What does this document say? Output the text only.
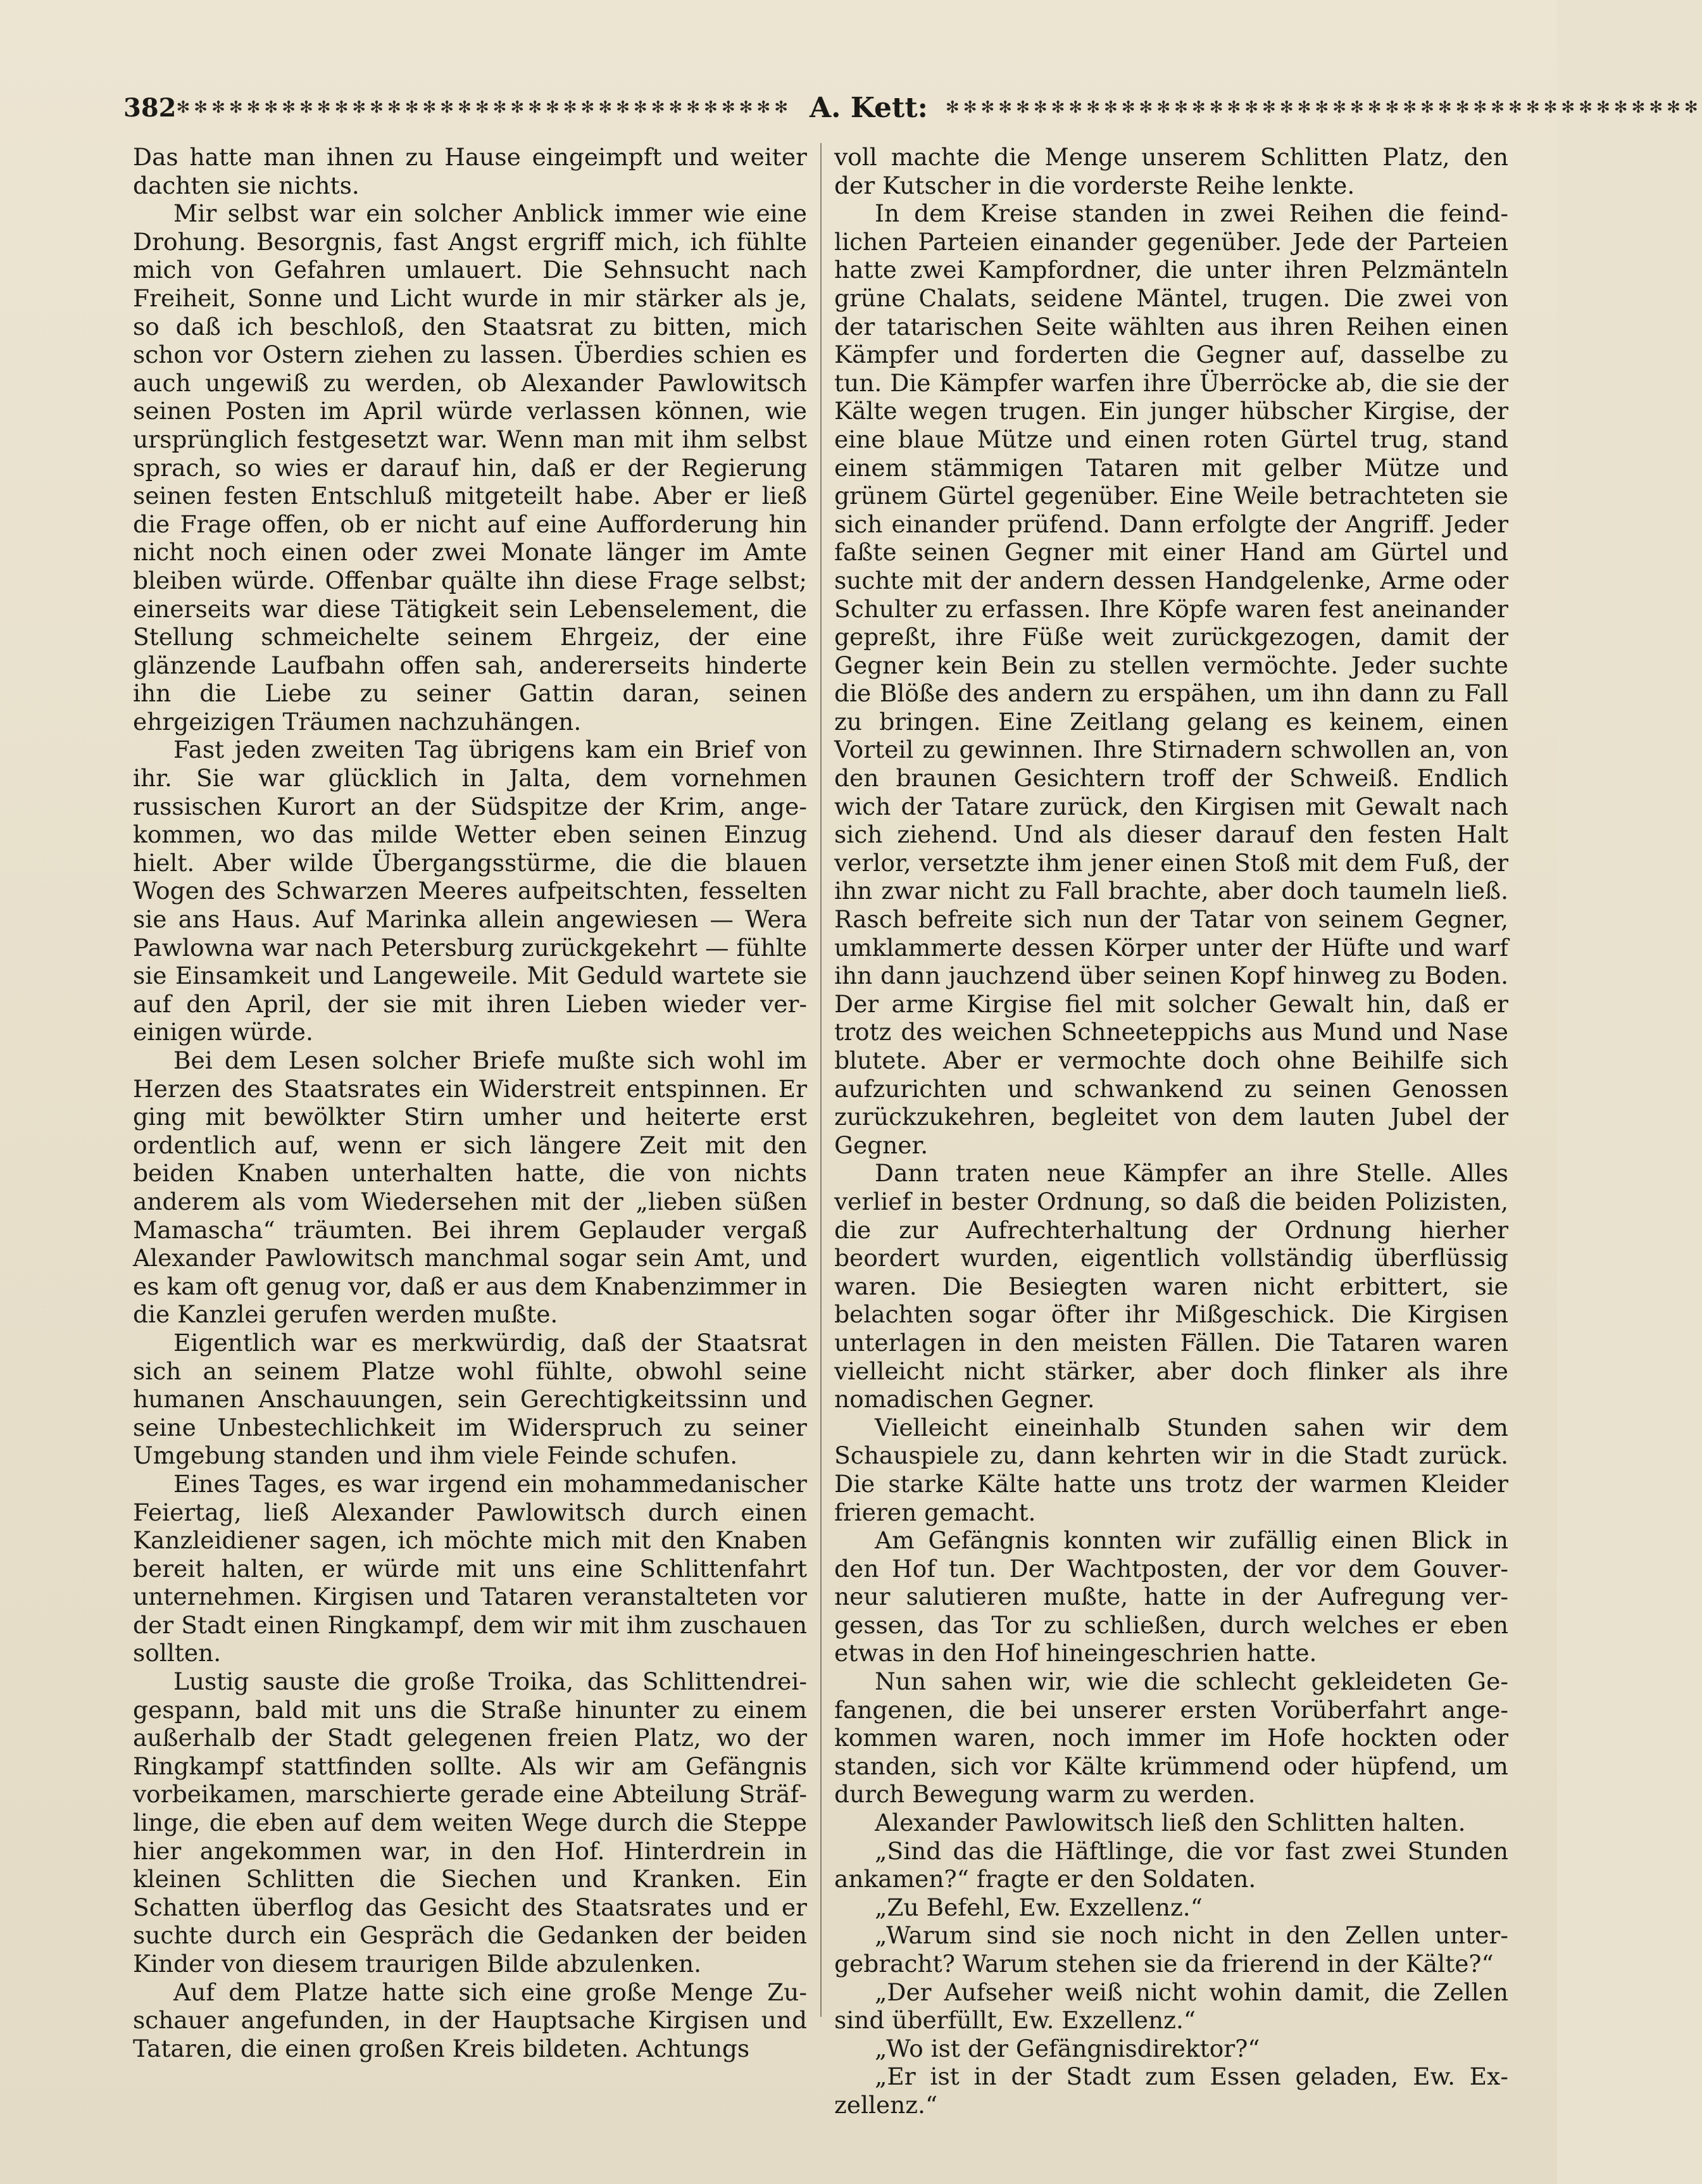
382 ✻✻✻✻✻✻✻✻✻✻✻✻✻✻✻✻✻✻✻✻✻✻✻✻✻✻✻✻✻✻✻✻✻✻✻ A. Kett:	✻✻✻✻✻✻✻✻✻✻✻✻✻✻✻✻✻✻✻✻✻✻✻✻✻✻✻✻✻✻✻✻✻✻✻✻✻✻✻✻✻✻✻

Das hatte man ihnen zu Hause eingeimpft und weiter dachten sie nichts.

Mir selbst war ein solcher Anblick immer wie eine Drohung. Besorgnis, fast Angst ergriff mich, ich fühlte mich von Gefahren umlauert. Die Sehnsucht nach Freiheit, Sonne und Licht wurde in mir stärker als je, so daß ich beschloß, den Staatsrat zu bitten, mich schon vor Ostern ziehen zu lassen. Überdies schien es auch ungewiß zu werden, ob Alexander Pawlowitsch seinen Posten im April würde verlassen können, wie ursprünglich festgesetzt war. Wenn man mit ihm selbst sprach, so wies er darauf hin, daß er der Regierung seinen festen Entschluß mitgeteilt habe. Aber er ließ die Frage offen, ob er nicht auf eine Aufforderung hin nicht noch einen oder zwei Monate länger im Amte bleiben würde. Offenbar quälte ihn diese Frage selbst; einerseits war diese Tätigkeit sein Lebenselement, die Stellung schmeichelte seinem Ehrgeiz, der eine glänzende Laufbahn offen sah, andererseits hinderte ihn die Liebe zu seiner Gattin daran, seinen ehrgeizigen Träumen nachzuhängen.

Fast jeden zweiten Tag übrigens kam ein Brief von ihr. Sie war glücklich in Jalta, dem vornehmen russischen Kurort an der Südspitze der Krim, angekommen, wo das milde Wetter eben seinen Einzug hielt. Aber wilde Übergangsstürme, die die blauen Wogen des Schwarzen Meeres aufpeitschten, fesselten sie ans Haus. Auf Marinka allein angewiesen — Wera Pawlowna war nach Petersburg zurückgekehrt — fühlte sie Einsamkeit und Langeweile. Mit Geduld wartete sie auf den April, der sie mit ihren Lieben wieder vereinigen würde.

Bei dem Lesen solcher Briefe mußte sich wohl im Herzen des Staatsrates ein Widerstreit entspinnen. Er ging mit bewölkter Stirn umher und heiterte erst ordentlich auf, wenn er sich längere Zeit mit den beiden Knaben unterhalten hatte, die von nichts anderem als vom Wiedersehen mit der „lieben süßen Mamascha“ träumten. Bei ihrem Geplauder vergaß Alexander Pawlowitsch manchmal sogar sein Amt, und es kam oft genug vor, daß er aus dem Knabenzimmer in die Kanzlei gerufen werden mußte.

Eigentlich war es merkwürdig, daß der Staatsrat sich an seinem Platze wohl fühlte, obwohl seine humanen Anschauungen, sein Gerechtigkeitssinn und seine Unbestechlichkeit im Widerspruch zu seiner Umgebung standen und ihm viele Feinde schufen.

Eines Tages, es war irgend ein mohammedanischer Feiertag, ließ Alexander Pawlowitsch durch einen Kanzleidiener sagen, ich möchte mich mit den Knaben bereit halten, er würde mit uns eine Schlittenfahrt unternehmen. Kirgisen und Tataren veranstalteten vor der Stadt einen Ringkampf, dem wir mit ihm zuschauen sollten.

Lustig sauste die große Troika, das Schlittendreigespann, bald mit uns die Straße hinunter zu einem außerhalb der Stadt gelegenen freien Platz, wo der Ringkampf stattfinden sollte. Als wir am Gefängnis vorbeikamen, marschierte gerade eine Abteilung Sträflinge, die eben auf dem weiten Wege durch die Steppe hier angekommen war, in den Hof. Hinterdrein in kleinen Schlitten die Siechen und Kranken. Ein Schatten überflog das Gesicht des Staatsrates und er suchte durch ein Gespräch die Gedanken der beiden Kinder von diesem traurigen Bilde abzulenken.

Auf dem Platze hatte sich eine große Menge Zuschauer angefunden, in der Hauptsache Kirgisen und Tataren, die einen großen Kreis bildeten. Achtungs

voll machte die Menge unserem Schlitten Platz, den der Kutscher in die vorderste Reihe lenkte.

In dem Kreise standen in zwei Reihen die feindlichen Parteien einander gegenüber. Jede der Parteien hatte zwei Kampfordner, die unter ihren Pelzmänteln grüne Chalats, seidene Mäntel, trugen. Die zwei von der tatarischen Seite wählten aus ihren Reihen einen Kämpfer und forderten die Gegner auf, dasselbe zu tun. Die Kämpfer warfen ihre Überröcke ab, die sie der Kälte wegen trugen. Ein junger hübscher Kirgise, der eine blaue Mütze und einen roten Gürtel trug, stand einem stämmigen Tataren mit gelber Mütze und grünem Gürtel gegenüber. Eine Weile betrachteten sie sich einander prüfend. Dann erfolgte der Angriff. Jeder faßte seinen Gegner mit einer Hand am Gürtel und suchte mit der andern dessen Handgelenke, Arme oder Schulter zu erfassen. Ihre Köpfe waren fest aneinander gepreßt, ihre Füße weit zurückgezogen, damit der Gegner kein Bein zu stellen vermöchte. Jeder suchte die Blöße des andern zu erspähen, um ihn dann zu Fall zu bringen. Eine Zeitlang gelang es keinem, einen Vorteil zu gewinnen. Ihre Stirnadern schwollen an, von den braunen Gesichtern troff der Schweiß. Endlich wich der Tatare zurück, den Kirgisen mit Gewalt nach sich ziehend. Und als dieser darauf den festen Halt verlor, versetzte ihm jener einen Stoß mit dem Fuß, der ihn zwar nicht zu Fall brachte, aber doch taumeln ließ. Rasch befreite sich nun der Tatar von seinem Gegner, umklammerte dessen Körper unter der Hüfte und warf ihn dann jauchzend über seinen Kopf hinweg zu Boden. Der arme Kirgise fiel mit solcher Gewalt hin, daß er trotz des weichen Schneeteppichs aus Mund und Nase blutete. Aber er vermochte doch ohne Beihilfe sich aufzurichten und schwankend zu seinen Genossen zurückzukehren, begleitet von dem lauten Jubel der Gegner.

Dann traten neue Kämpfer an ihre Stelle. Alles verlief in bester Ordnung, so daß die beiden Polizisten, die zur Aufrechterhaltung der Ordnung hierher beordert wurden, eigentlich vollständig überflüssig waren. Die Besiegten waren nicht erbittert, sie belachten sogar öfter ihr Mißgeschick. Die Kirgisen unterlagen in den meisten Fällen. Die Tataren waren vielleicht nicht stärker, aber doch flinker als ihre nomadischen Gegner.

Vielleicht eineinhalb Stunden sahen wir dem Schauspiele zu, dann kehrten wir in die Stadt zurück. Die starke Kälte hatte uns trotz der warmen Kleider frieren gemacht.

Am Gefängnis konnten wir zufällig einen Blick in den Hof tun. Der Wachtposten, der vor dem Gouverneur salutieren mußte, hatte in der Aufregung vergessen, das Tor zu schließen, durch welches er eben etwas in den Hof hineingeschrien hatte.

Nun sahen wir, wie die schlecht gekleideten Gefangenen, die bei unserer ersten Vorüberfahrt angekommen waren, noch immer im Hofe hockten oder standen, sich vor Kälte krümmend oder hüpfend, um durch Bewegung warm zu werden.

Alexander Pawlowitsch ließ den Schlitten halten.

„Sind das die Häftlinge, die vor fast zwei Stunden ankamen?“ fragte er den Soldaten.

„Zu Befehl, Ew. Exzellenz.“

„Warum sind sie noch nicht in den Zellen untergebracht? Warum stehen sie da frierend in der Kälte?“

„Der Aufseher weiß nicht wohin damit, die Zellen sind überfüllt, Ew. Exzellenz.“

„Wo ist der Gefängnisdirektor?“

„Er ist in der Stadt zum Essen geladen, Ew. Exzellenz.“
